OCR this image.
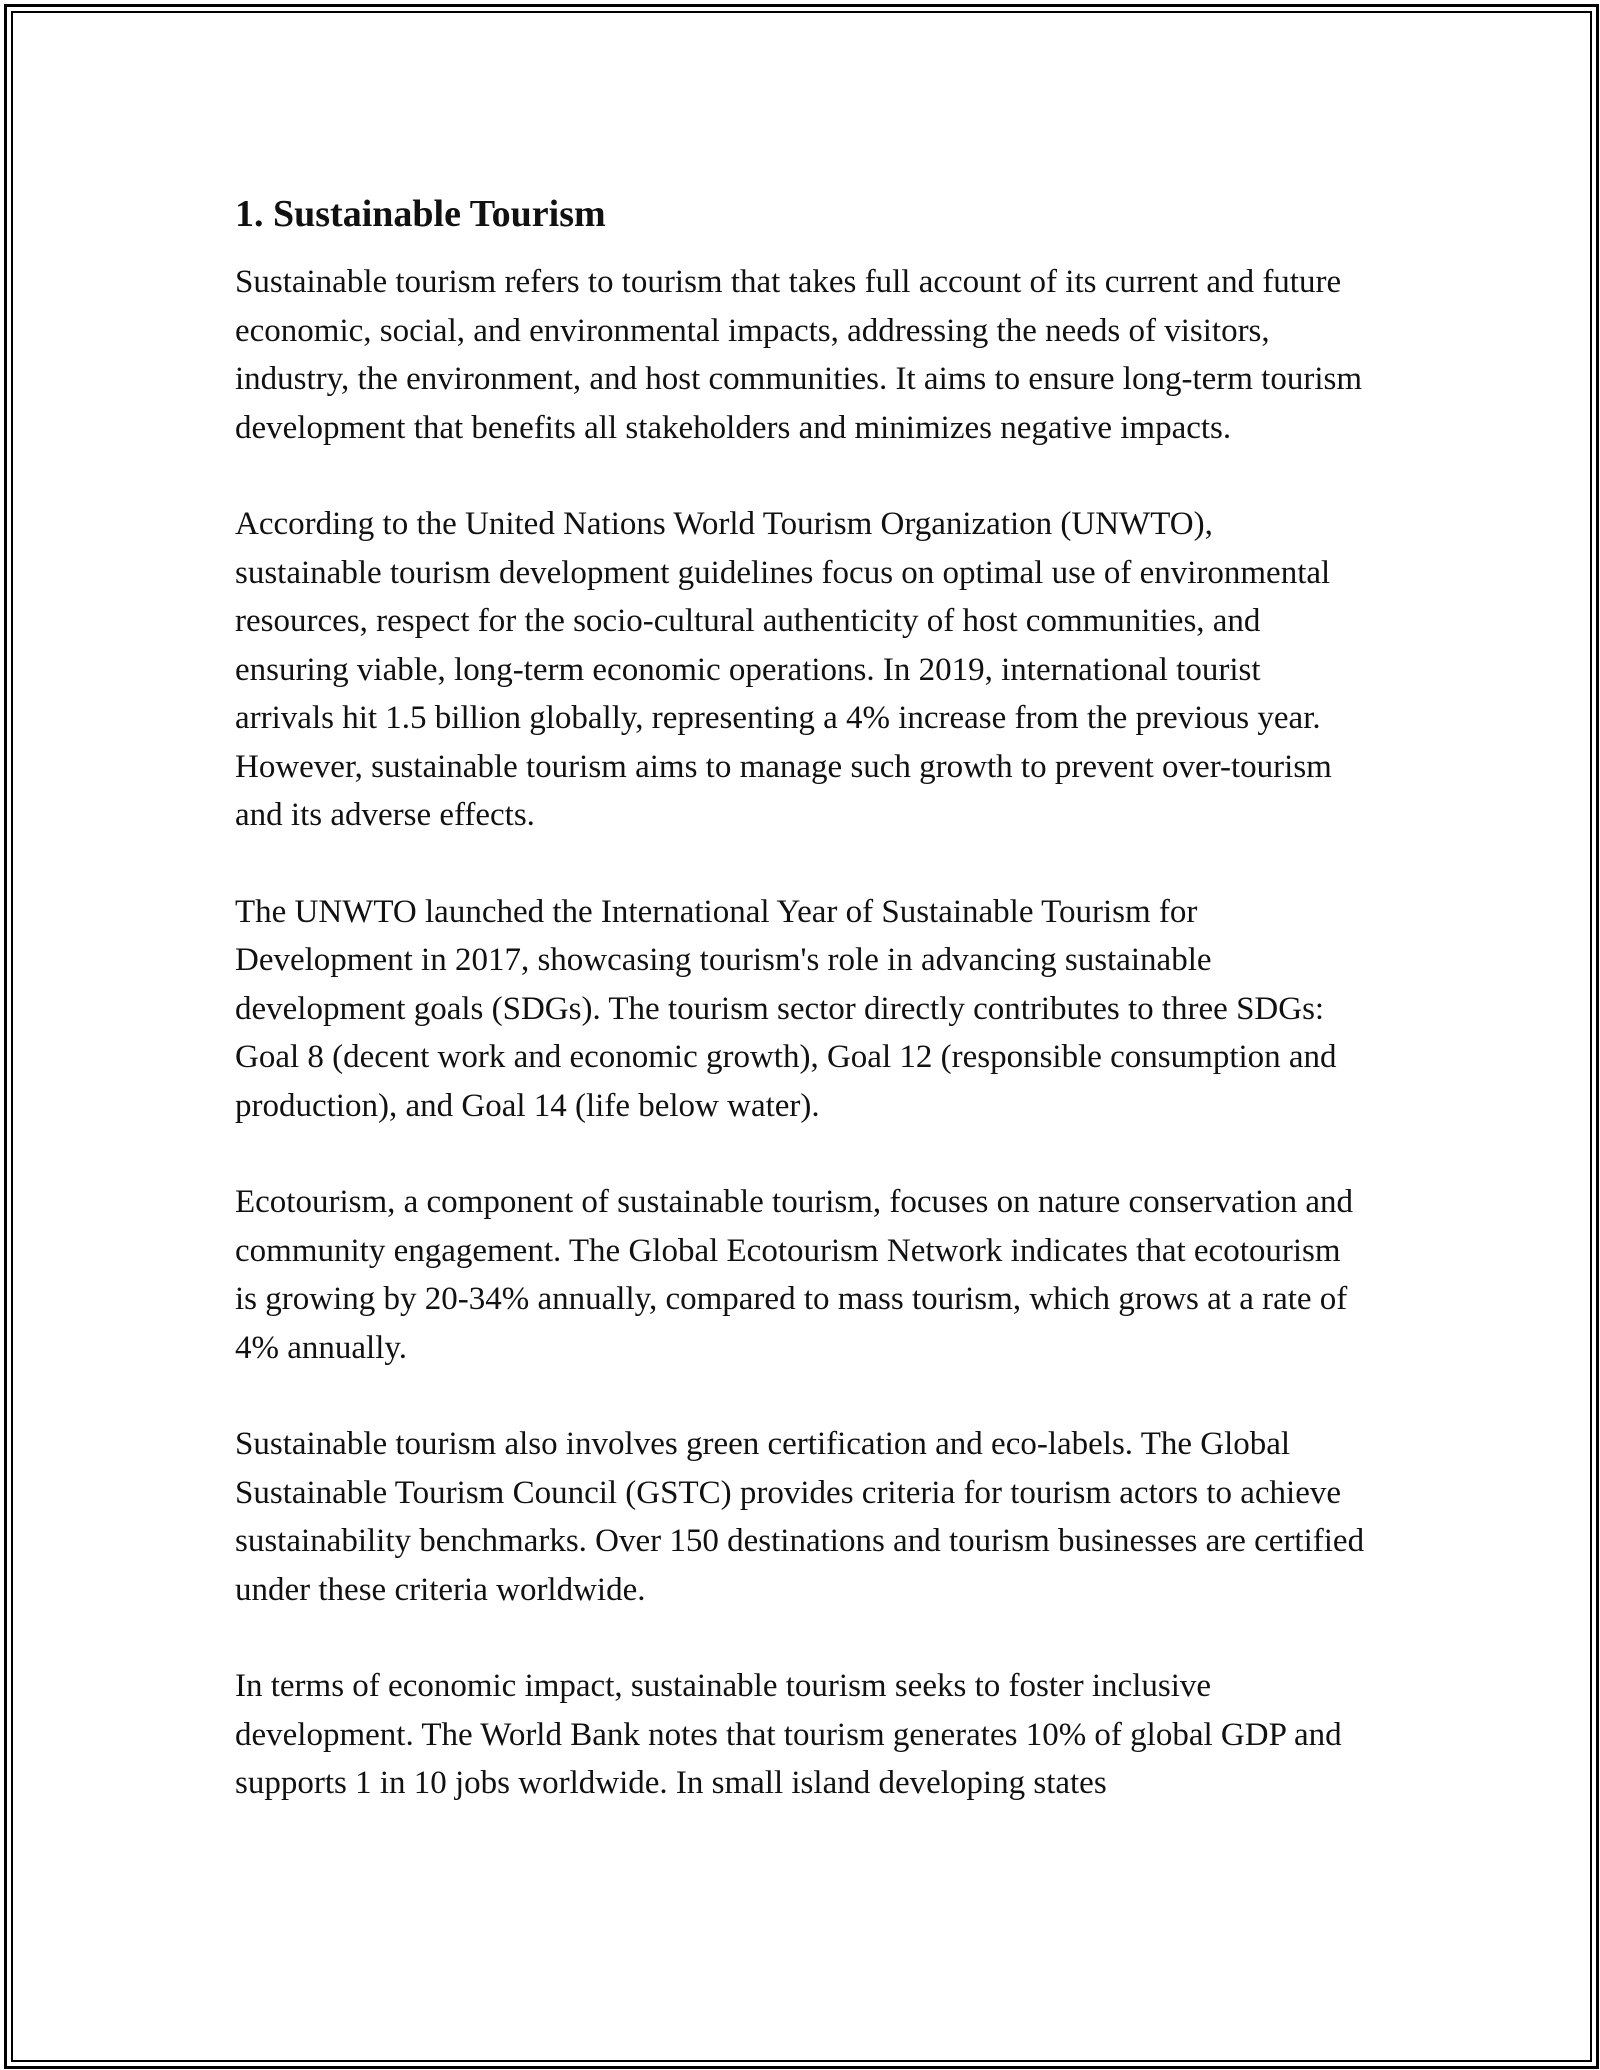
1. Sustainable Tourism

Sustainable tourism refers to tourism that takes full account of its current and future economic, social, and environmental impacts, addressing the needs of visitors, industry, the environment, and host communities. It aims to ensure long-term tourism development that benefits all stakeholders and minimizes negative impacts.

According to the United Nations World Tourism Organization (UNWTO), sustainable tourism development guidelines focus on optimal use of environmental resources, respect for the socio-cultural authenticity of host communities, and ensuring viable, long-term economic operations. In 2019, international tourist arrivals hit 1.5 billion globally, representing a 4% increase from the previous year. However, sustainable tourism aims to manage such growth to prevent over-tourism and its adverse effects.

The UNWTO launched the International Year of Sustainable Tourism for Development in 2017, showcasing tourism's role in advancing sustainable development goals (SDGs). The tourism sector directly contributes to three SDGs: Goal 8 (decent work and economic growth), Goal 12 (responsible consumption and production), and Goal 14 (life below water).

Ecotourism, a component of sustainable tourism, focuses on nature conservation and community engagement. The Global Ecotourism Network indicates that ecotourism is growing by 20-34% annually, compared to mass tourism, which grows at a rate of 4% annually.

Sustainable tourism also involves green certification and eco-labels. The Global Sustainable Tourism Council (GSTC) provides criteria for tourism actors to achieve sustainability benchmarks. Over 150 destinations and tourism businesses are certified under these criteria worldwide.

In terms of economic impact, sustainable tourism seeks to foster inclusive development. The World Bank notes that tourism generates 10% of global GDP and supports 1 in 10 jobs worldwide. In small island developing states
